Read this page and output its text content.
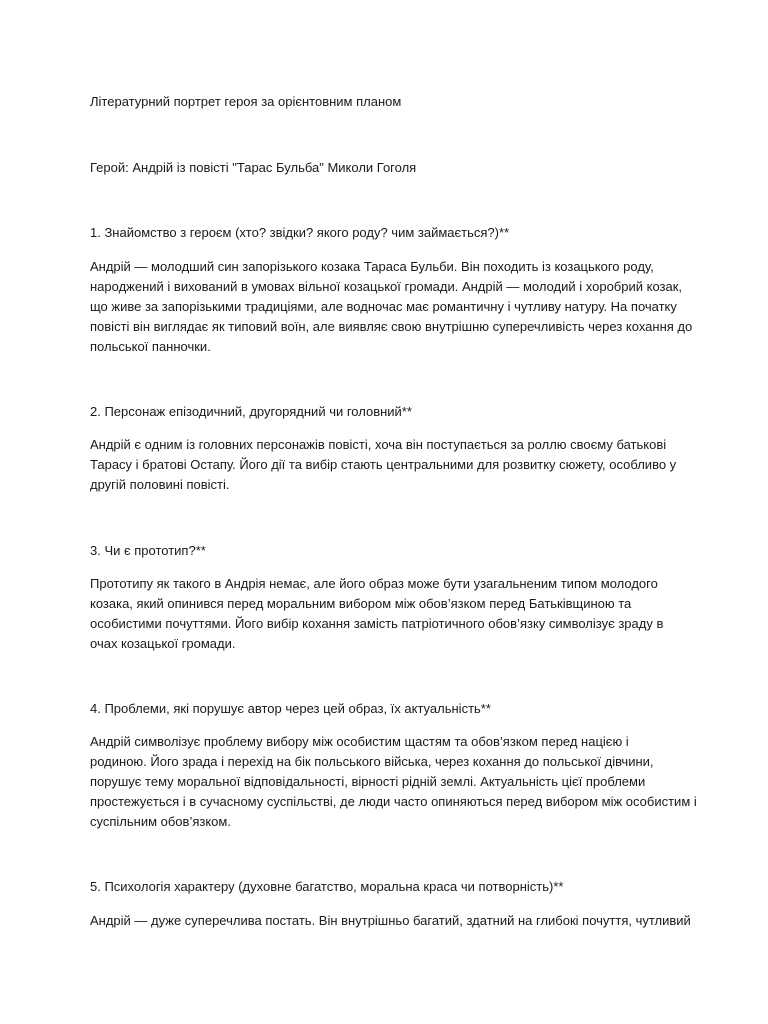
Літературний портрет героя за орієнтовним планом

Герой: Андрій із повісті "Тарас Бульба" Миколи Гоголя

1. Знайомство з героєм (хто? звідки? якого роду? чим займається?)**

Андрій — молодший син запорізького козака Тараса Бульби. Він походить із козацького роду,
народжений і вихований в умовах вільної козацької громади. Андрій — молодий і хоробрий козак,
що живе за запорізькими традиціями, але водночас має романтичну і чутливу натуру. На початку
повісті він виглядає як типовий воїн, але виявляє свою внутрішню суперечливість через кохання до
польської панночки.

2. Персонаж епізодичний, другорядний чи головний**

Андрій є одним із головних персонажів повісті, хоча він поступається за роллю своєму батькові
Тарасу і братові Остапу. Його дії та вибір стають центральними для розвитку сюжету, особливо у
другій половині повісті.

3. Чи є прототип?**

Прототипу як такого в Андрія немає, але його образ може бути узагальненим типом молодого
козака, який опинився перед моральним вибором між обов’язком перед Батьківщиною та
особистими почуттями. Його вибір кохання замість патріотичного обов’язку символізує зраду в
очах козацької громади.

4. Проблеми, які порушує автор через цей образ, їх актуальність**

Андрій символізує проблему вибору між особистим щастям та обов’язком перед нацією і
родиною. Його зрада і перехід на бік польського війська, через кохання до польської дівчини,
порушує тему моральної відповідальності, вірності рідній землі. Актуальність цієї проблеми
простежується і в сучасному суспільстві, де люди часто опиняються перед вибором між особистим і
суспільним обов’язком.

5. Психологія характеру (духовне багатство, моральна краса чи потворність)**

Андрій — дуже суперечлива постать. Він внутрішньо багатий, здатний на глибокі почуття, чутливий
